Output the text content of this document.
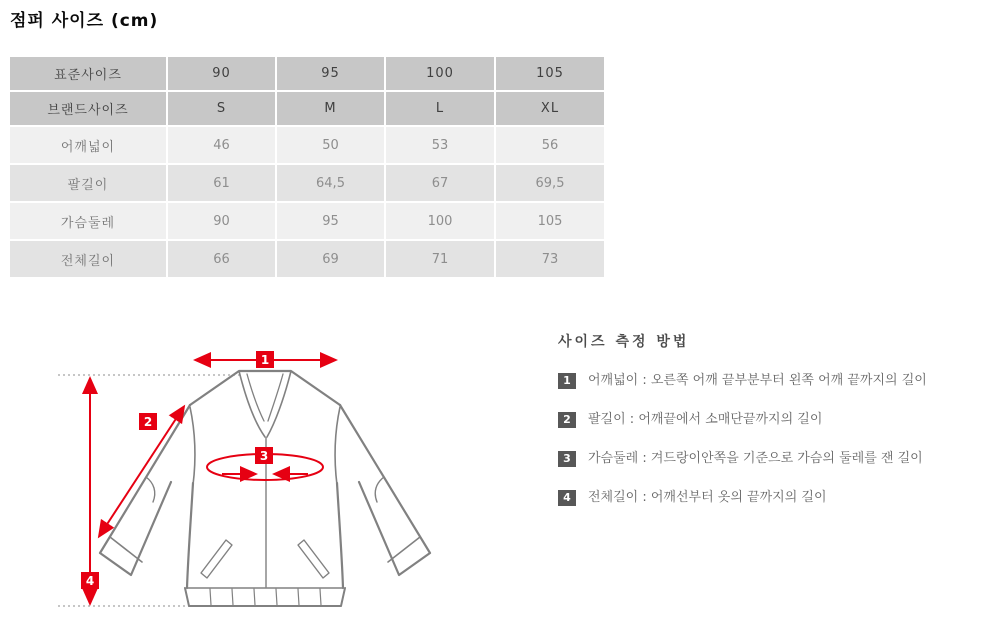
점퍼 사이즈 (cm)
표준사이즈	90	95	100	105
브랜드사이즈	S	M	L	XL
어깨넓이	46	50	53	56
팔길이	61	64,5	67	69,5
가슴둘레	90	95	100	105
전체길이	66	69	71	73
1
2
3
4
사이즈 측정 방법
1	어깨넓이 : 오른쪽 어깨 끝부분부터 왼쪽 어깨 끝까지의 길이
2	팔길이 : 어깨끝에서 소매단끝까지의 길이
3	가슴둘레 : 겨드랑이안쪽을 기준으로 가슴의 둘레를 잰 길이
4	전체길이 : 어깨선부터 옷의 끝까지의 길이
